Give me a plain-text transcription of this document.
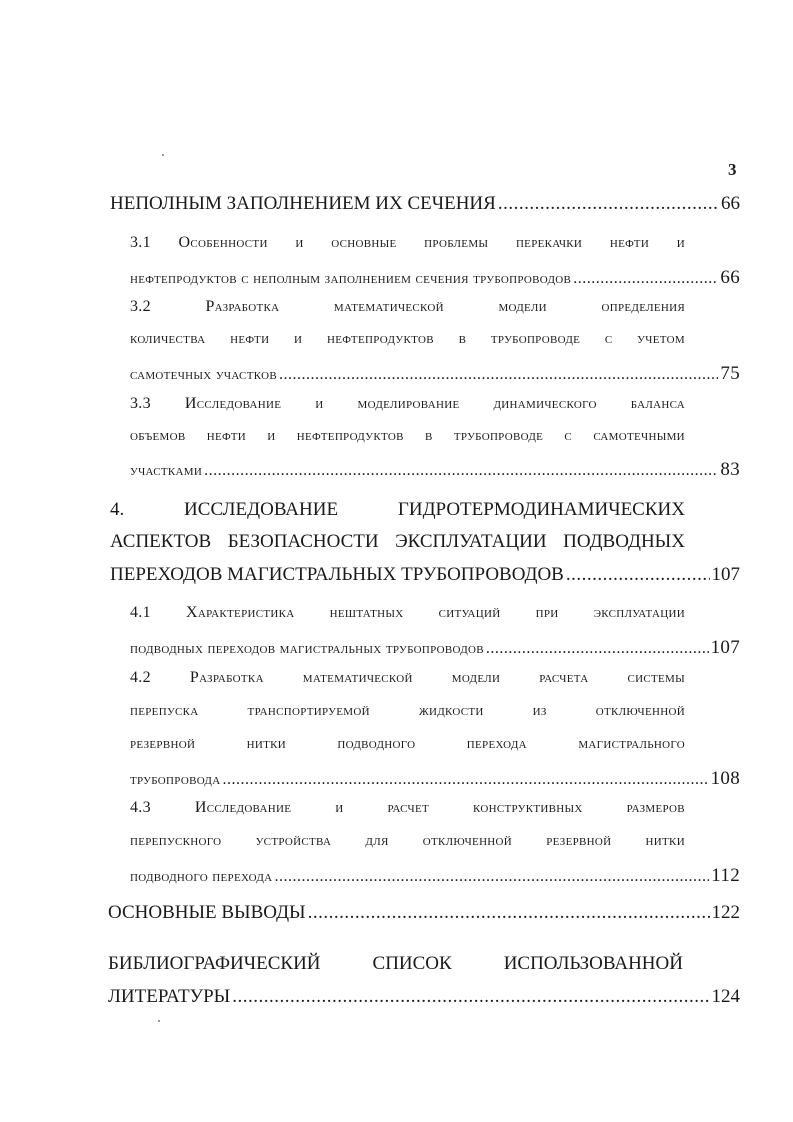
3
НЕПОЛНЫМ ЗАПОЛНЕНИЕМ ИХ СЕЧЕНИЯ .....	66
3.1 Особенности и основные проблемы перекачки нефти и
нефтепродуктов с неполным заполнением сечения трубопроводов .....	66
3.2	Разработка	математической	модели	определения
количества нефти и нефтепродуктов в трубопроводе с учетом
самотечных участков .....	75
3.3 Исследование и моделирование динамического баланса
объемов нефти и нефтепродуктов в трубопроводе с самотечными
участками .....	83
4.	ИССЛЕДОВАНИЕ	ГИДРОТЕРМОДИНАМИЧЕСКИХ
АСПЕКТОВ БЕЗОПАСНОСТИ ЭКСПЛУАТАЦИИ ПОДВОДНЫХ
ПЕРЕХОДОВ МАГИСТРАЛЬНЫХ ТРУБОПРОВОДОВ .....	107
4.1 Характеристика нештатных ситуаций при эксплуатации
подводных переходов магистральных трубопроводов .....	107
4.2 Разработка математической модели расчета системы
перепуска	транспортируемой	жидкости	из	отключенной
резервной	нитки	подводного	перехода	магистрального
трубопровода .....	108
4.3	Исследование	и	расчет	конструктивных	размеров
перепускного устройства для отключенной резервной нитки
подводного перехода .....	112
ОСНОВНЫЕ ВЫВОДЫ .....	122
БИБЛИОГРАФИЧЕСКИЙ	СПИСОК	ИСПОЛЬЗОВАННОЙ
ЛИТЕРАТУРЫ .....	124
